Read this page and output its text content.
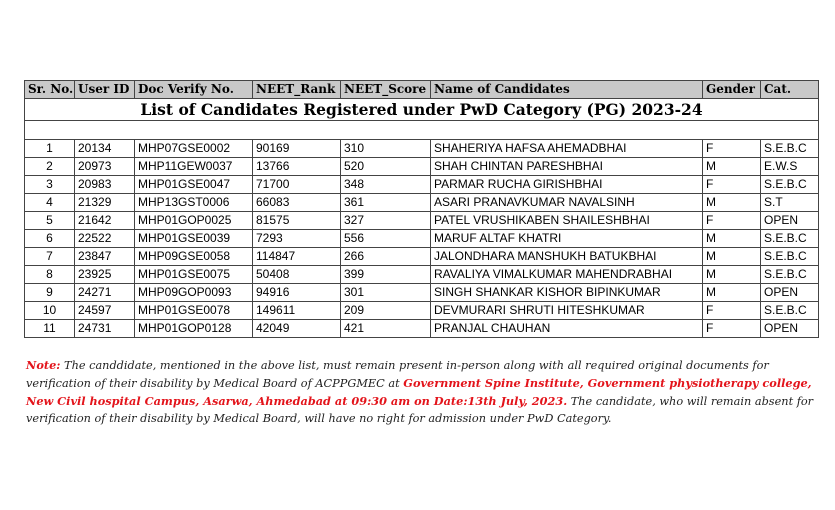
List of Candidates Registered under PwD Category (PG) 2023-24							

Sr. No.	User ID	Doc Verify No.	NEET_Rank	NEET_Score	Name of Candidates	Gender	Cat.
1	20134	MHP07GSE0002	90169	310	SHAHERIYA HAFSA AHEMADBHAI	F	S.E.B.C
2	20973	MHP11GEW0037	13766	520	SHAH CHINTAN PARESHBHAI	M	E.W.S
3	20983	MHP01GSE0047	71700	348	PARMAR RUCHA GIRISHBHAI	F	S.E.B.C
4	21329	MHP13GST0006	66083	361	ASARI PRANAVKUMAR NAVALSINH	M	S.T
5	21642	MHP01GOP0025	81575	327	PATEL VRUSHIKABEN SHAILESHBHAI	F	OPEN
6	22522	MHP01GSE0039	7293	556	MARUF ALTAF KHATRI	M	S.E.B.C
7	23847	MHP09GSE0058	114847	266	JALONDHARA MANSHUKH BATUKBHAI	M	S.E.B.C
8	23925	MHP01GSE0075	50408	399	RAVALIYA VIMALKUMAR MAHENDRABHAI	M	S.E.B.C
9	24271	MHP09GOP0093	94916	301	SINGH SHANKAR KISHOR BIPINKUMAR	M	OPEN
10	24597	MHP01GSE0078	149611	209	DEVMURARI SHRUTI HITESHKUMAR	F	S.E.B.C
11	24731	MHP01GOP0128	42049	421	PRANJAL CHAUHAN	F	OPEN
Note: The canddidate, mentioned in the above list, must remain present in-person along with all required original documents for verification of their disability by Medical Board of ACPPGMEC at Government Spine Institute, Government physiotherapy college, New Civil hospital Campus, Asarwa, Ahmedabad at 09:30 am on Date:13th July, 2023. The candidate, who will remain absent for verification of their disability by Medical Board, will have no right for admission under PwD Category.
